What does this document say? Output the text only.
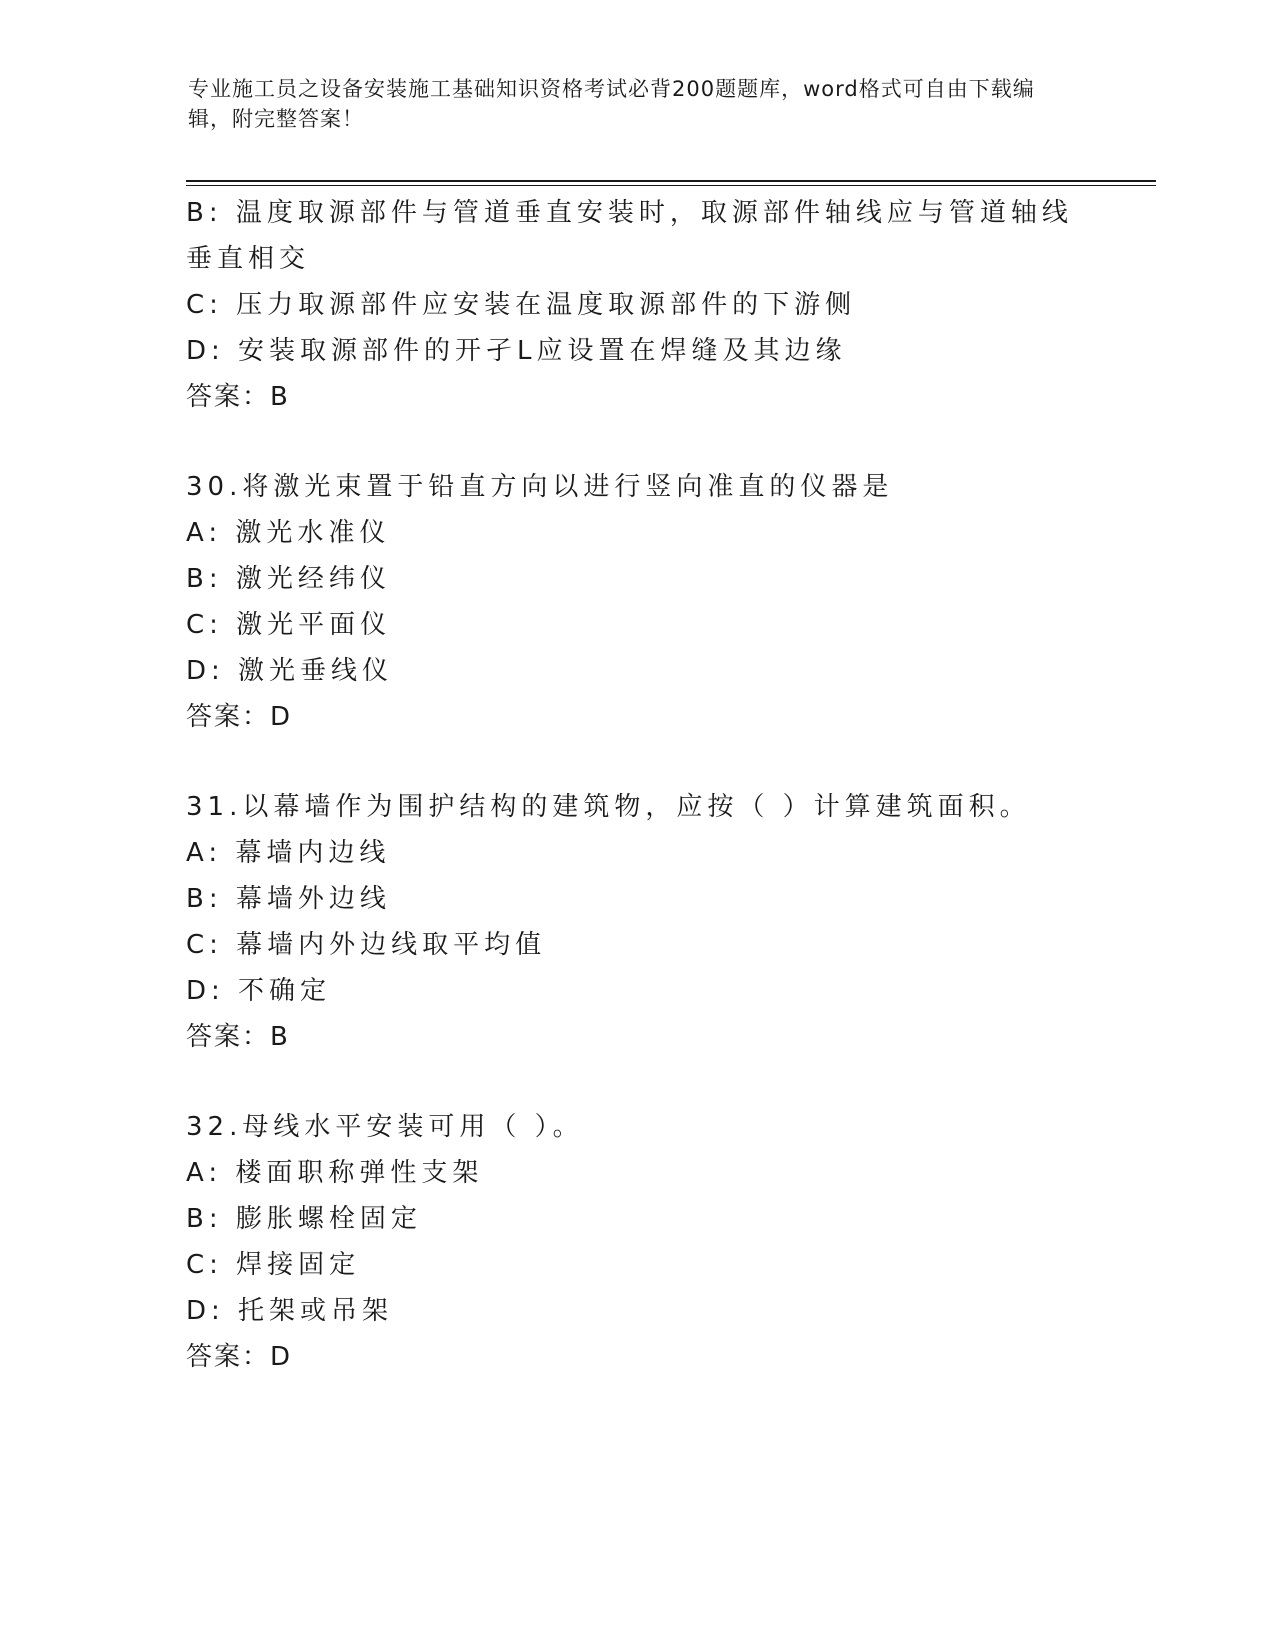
专业施工员之设备安装施工基础知识资格考试必背200题题库，word格式可自由下载编辑，附完整答案！
B: 温度取源部件与管道垂直安装时，取源部件轴线应与管道轴线垂直相交
C: 压力取源部件应安装在温度取源部件的下游侧
D: 安装取源部件的开孑L应设置在焊缝及其边缘
答案：B
30.将激光束置于铅直方向以进行竖向准直的仪器是
A: 激光水准仪
B: 激光经纬仪
C: 激光平面仪
D: 激光垂线仪
答案：D
31.以幕墙作为围护结构的建筑物，应按（ ）计算建筑面积。
A: 幕墙内边线
B: 幕墙外边线
C: 幕墙内外边线取平均值
D: 不确定
答案：B
32.母线水平安装可用（ ）。
A: 楼面职称弹性支架
B: 膨胀螺栓固定
C: 焊接固定
D: 托架或吊架
答案：D
